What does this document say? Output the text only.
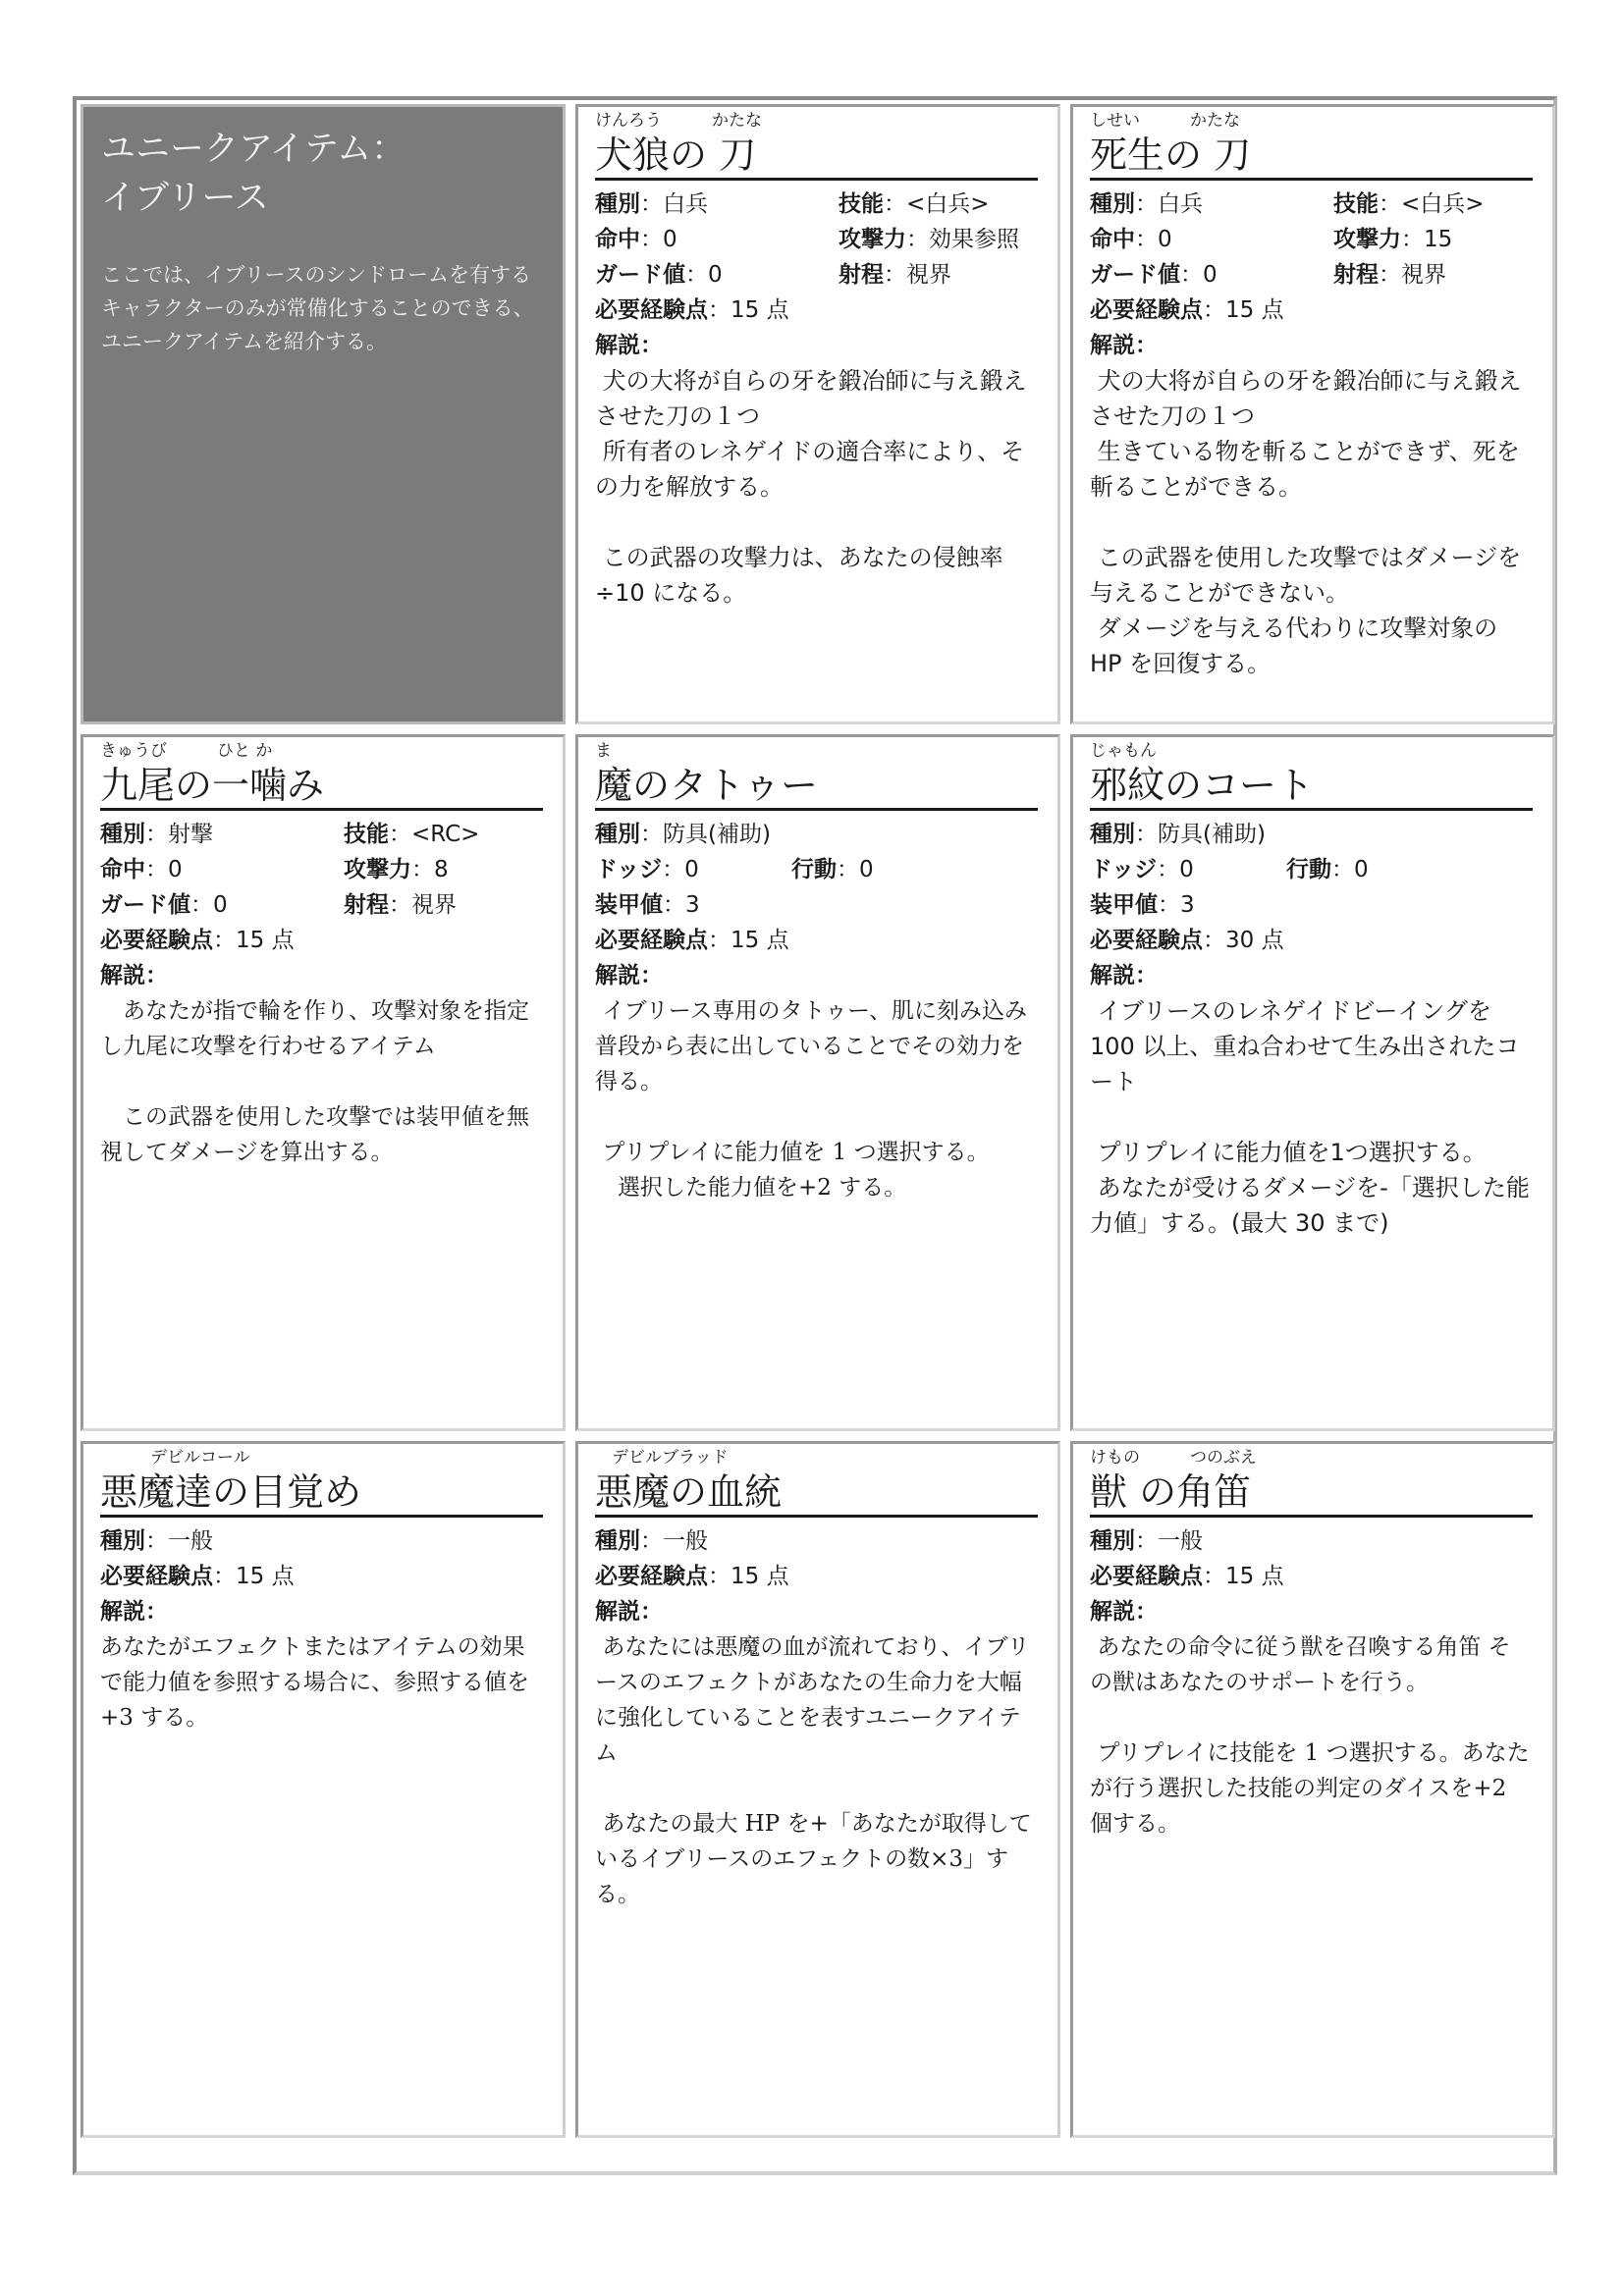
ユニークアイテム：
イブリース
ここでは、イブリースのシンドロームを有するキャラクターのみが常備化することのできる、ユニークアイテムを紹介する。
けんろう　　　かたな
犬狼の 刀
種別：白兵	技能：<白兵>
命中：0	攻撃力：効果参照
ガード値：0	射程：視界
必要経験点：15 点
解説：
犬の大将が自らの牙を鍛冶師に与え鍛えさせた刀の１つ
所有者のレネゲイドの適合率により、その力を解放する。

この武器の攻撃力は、あなたの侵蝕率÷10 になる。
しせい　　　かたな
死生の 刀
種別：白兵	技能：<白兵>
命中：0	攻撃力：15
ガード値：0	射程：視界
必要経験点：15 点
解説：
犬の大将が自らの牙を鍛冶師に与え鍛えさせた刀の１つ
生きている物を斬ることができず、死を斬ることができる。

この武器を使用した攻撃ではダメージを与えることができない。
ダメージを与える代わりに攻撃対象の HP を回復する。
きゅうび　　　ひと か
九尾の一噛み
種別：射撃	技能：<RC>
命中：0	攻撃力：8
ガード値：0	射程：視界
必要経験点：15 点
解説：
　あなたが指で輪を作り、攻撃対象を指定し九尾に攻撃を行わせるアイテム

　この武器を使用した攻撃では装甲値を無視してダメージを算出する。
ま
魔のタトゥー
種別：防具(補助)
ドッジ：0	行動：0
装甲値：3
必要経験点：15 点
解説：
イブリース専用のタトゥー、肌に刻み込み普段から表に出していることでその効力を得る。

プリプレイに能力値を 1 つ選択する。
　選択した能力値を+2 する。
じゃもん
邪紋のコート
種別：防具(補助)
ドッジ：0	行動：0
装甲値：3
必要経験点：30 点
解説：
イブリースのレネゲイドビーイングを 100 以上、重ね合わせて生み出されたコート

プリプレイに能力値を1つ選択する。
あなたが受けるダメージを-「選択した能力値」する。(最大 30 まで)
　　　デビルコール
悪魔達の目覚め
種別：一般
必要経験点：15 点
解説：
あなたがエフェクトまたはアイテムの効果で能力値を参照する場合に、参照する値を+3 する。
　デビルブラッド
悪魔の血統
種別：一般
必要経験点：15 点
解説：
あなたには悪魔の血が流れており、イブリースのエフェクトがあなたの生命力を大幅に強化していることを表すユニークアイテム

あなたの最大 HP を+「あなたが取得しているイブリースのエフェクトの数×3」する。
けもの　　　つのぶえ
獣 の角笛
種別：一般
必要経験点：15 点
解説：
あなたの命令に従う獣を召喚する角笛 その獣はあなたのサポートを行う。

プリプレイに技能を 1 つ選択する。あなたが行う選択した技能の判定のダイスを+2 個する。
